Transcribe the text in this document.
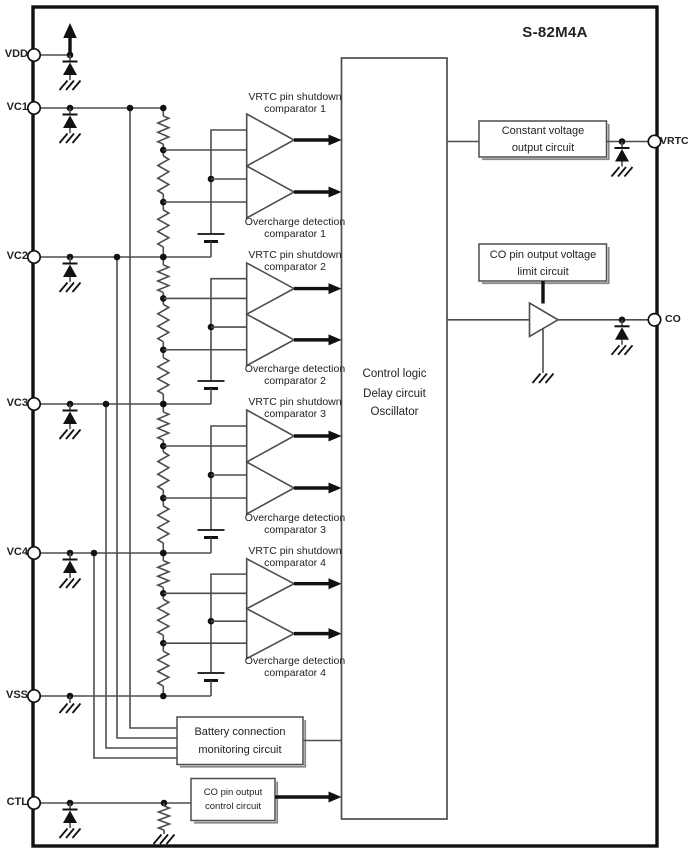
S-82M4A
VDD
VC1
VC2
VC3
VC4
VSS
CTL
VRTC
CO
Control logic
Delay circuit
Oscillator
Constant voltage
output circuit
CO pin output voltage
limit circuit
Battery connection
monitoring circuit
CO pin output
control circuit
VRTC pin shutdown
comparator 1
Overcharge detection
comparator 1
VRTC pin shutdown
comparator 2
Overcharge detection
comparator 2
VRTC pin shutdown
comparator 3
Overcharge detection
comparator 3
VRTC pin shutdown
comparator 4
Overcharge detection
comparator 4
